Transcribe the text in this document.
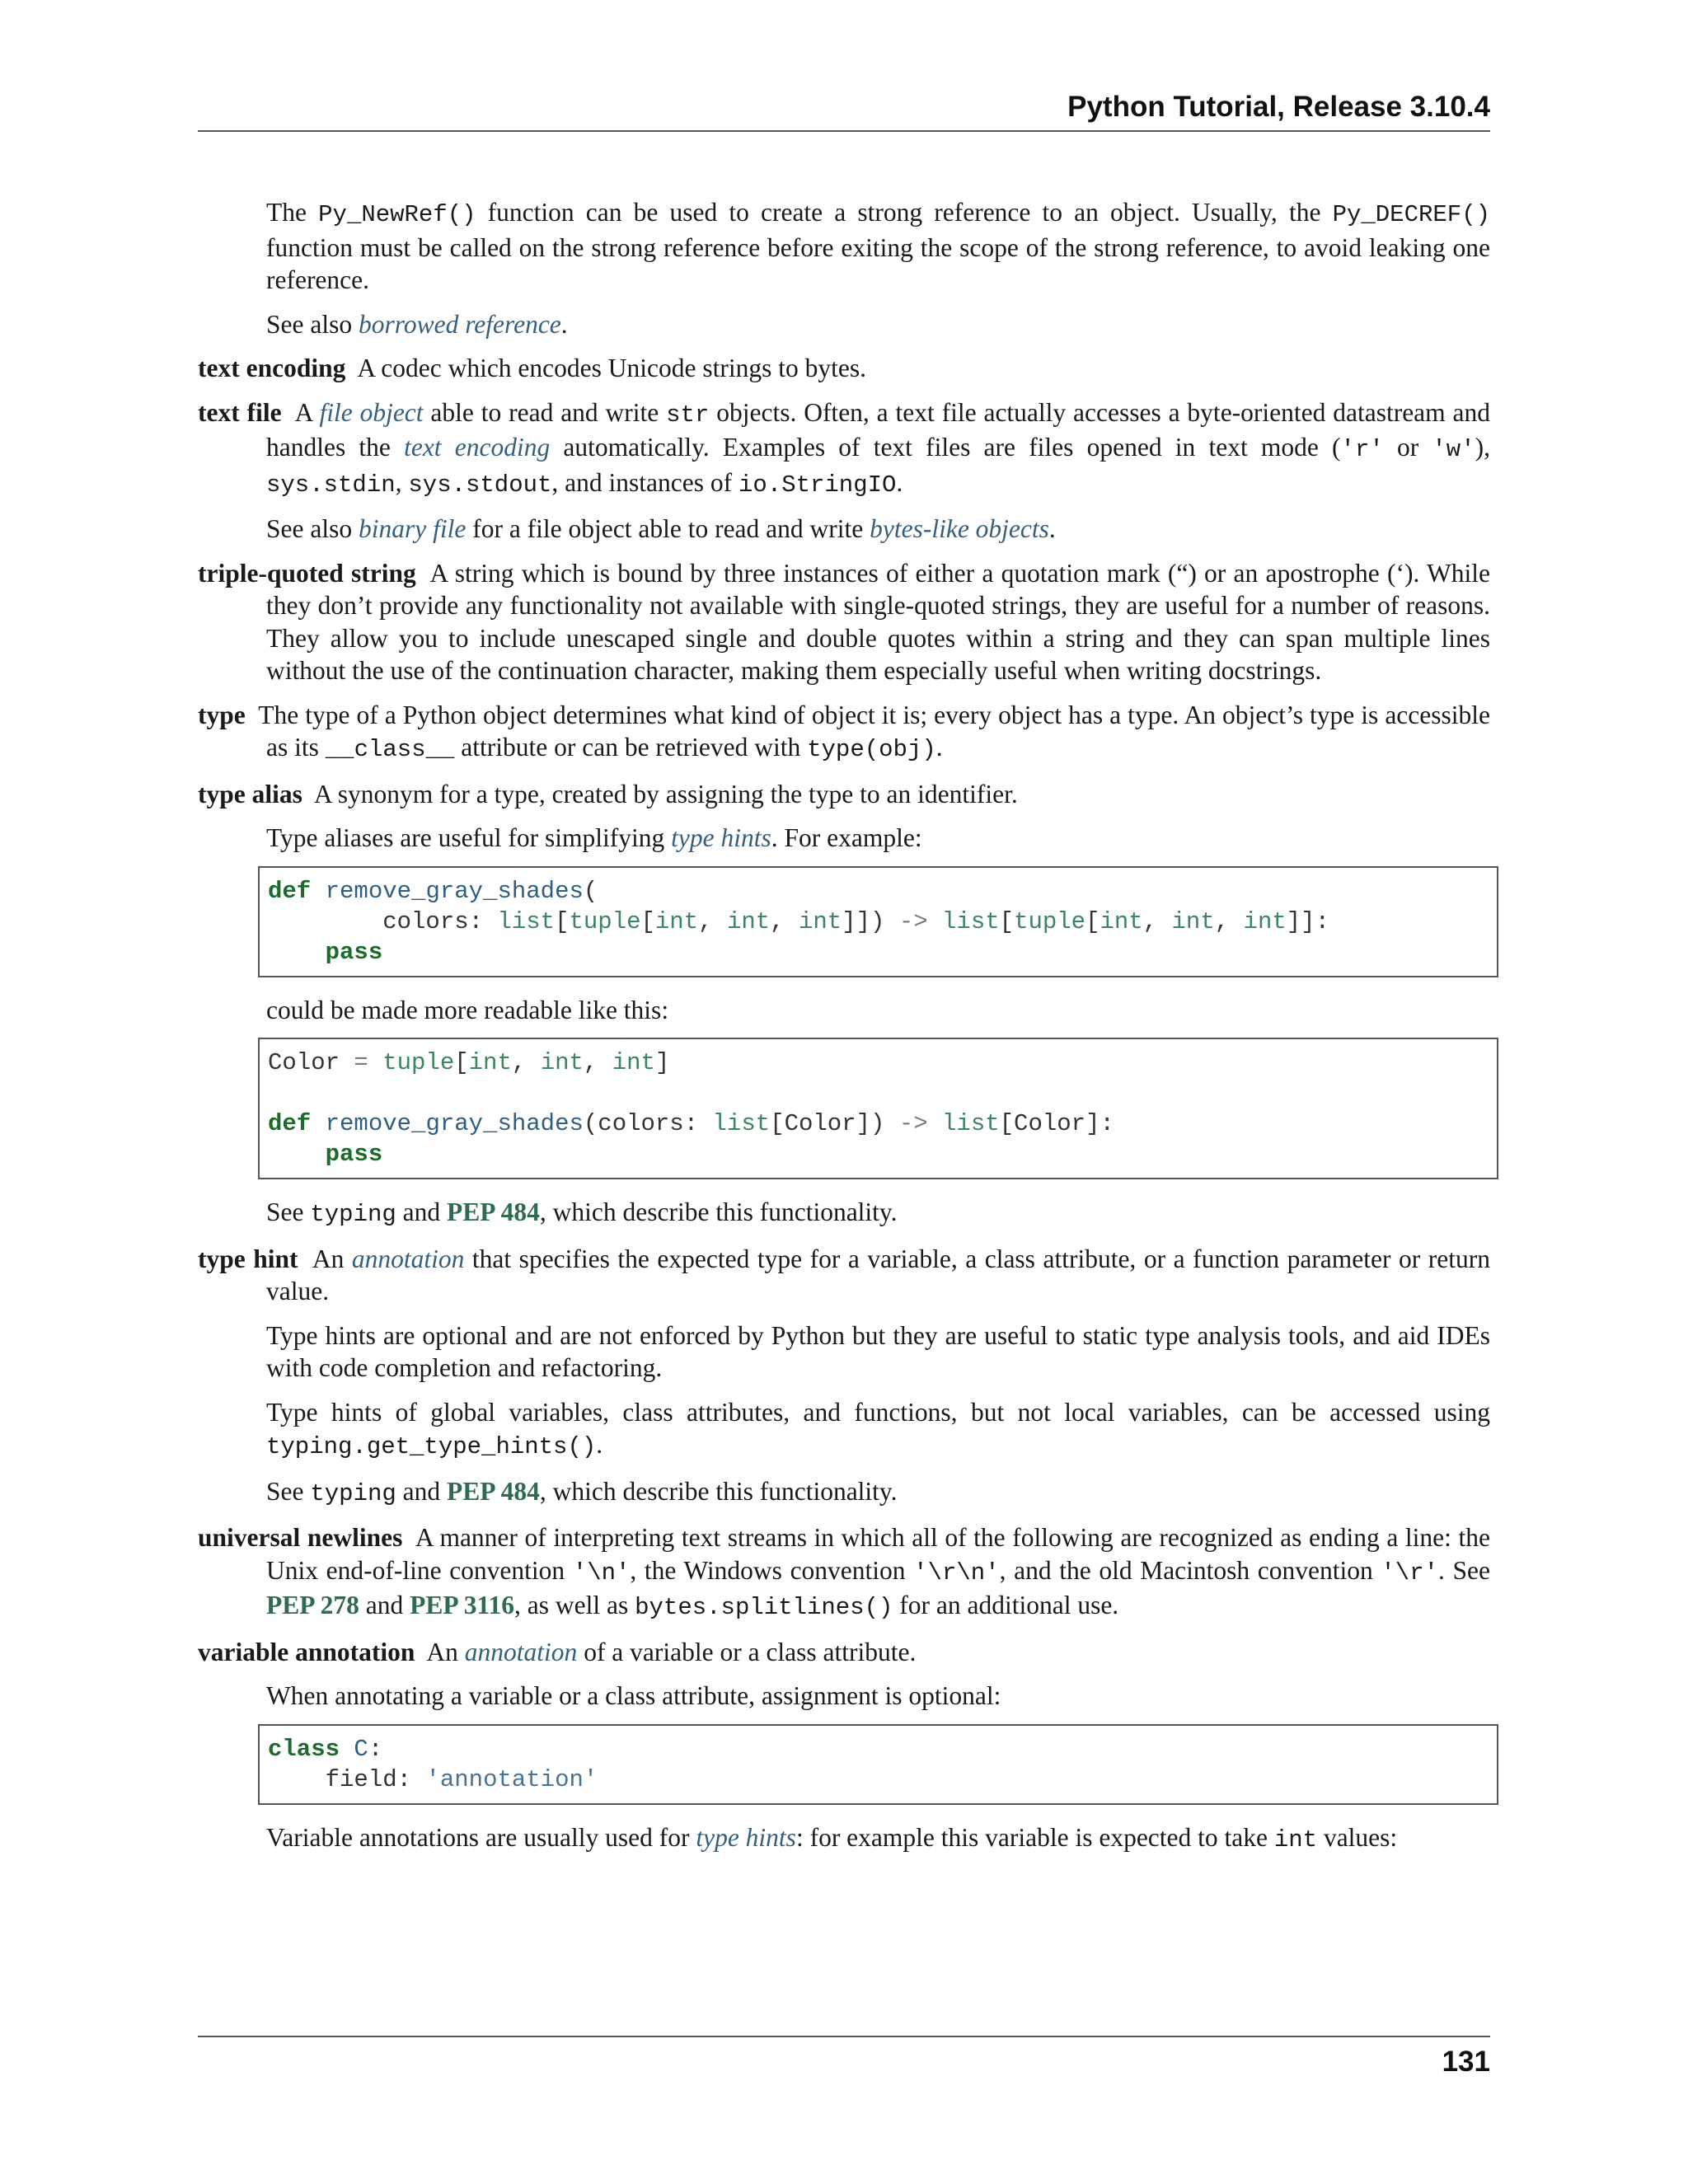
Python Tutorial, Release 3.10.4

The Py_NewRef() function can be used to create a strong reference to an object. Usually, the Py_DECREF() function must be called on the strong reference before exiting the scope of the strong reference, to avoid leaking one reference.

See also borrowed reference.

text encoding A codec which encodes Unicode strings to bytes.

text file A file object able to read and write str objects. Often, a text file actually accesses a byte-oriented datastream and handles the text encoding automatically. Examples of text files are files opened in text mode ('r' or 'w'), sys.stdin, sys.stdout, and instances of io.StringIO.

See also binary file for a file object able to read and write bytes-like objects.

triple-quoted string A string which is bound by three instances of either a quotation mark (“) or an apostrophe (‘). While they don’t provide any functionality not available with single-quoted strings, they are useful for a number of reasons. They allow you to include unescaped single and double quotes within a string and they can span multiple lines without the use of the continuation character, making them especially useful when writing docstrings.

type The type of a Python object determines what kind of object it is; every object has a type. An object’s type is accessible as its __class__ attribute or can be retrieved with type(obj).

type alias A synonym for a type, created by assigning the type to an identifier.

Type aliases are useful for simplifying type hints. For example:

def remove_gray_shades(
colors: list[tuple[int, int, int]]) -> list[tuple[int, int, int]]:
pass

could be made more readable like this:

Color = tuple[int, int, int]

def remove_gray_shades(colors: list[Color]) -> list[Color]:
pass

See typing and PEP 484, which describe this functionality.

type hint An annotation that specifies the expected type for a variable, a class attribute, or a function parameter or return value.

Type hints are optional and are not enforced by Python but they are useful to static type analysis tools, and aid IDEs with code completion and refactoring.

Type hints of global variables, class attributes, and functions, but not local variables, can be accessed using typing.get_type_hints().

See typing and PEP 484, which describe this functionality.

universal newlines A manner of interpreting text streams in which all of the following are recognized as ending a line: the Unix end-of-line convention '\n', the Windows convention '\r\n', and the old Macintosh convention '\r'. See PEP 278 and PEP 3116, as well as bytes.splitlines() for an additional use.

variable annotation An annotation of a variable or a class attribute.

When annotating a variable or a class attribute, assignment is optional:

class C:
field: 'annotation'

Variable annotations are usually used for type hints: for example this variable is expected to take int values:

131
